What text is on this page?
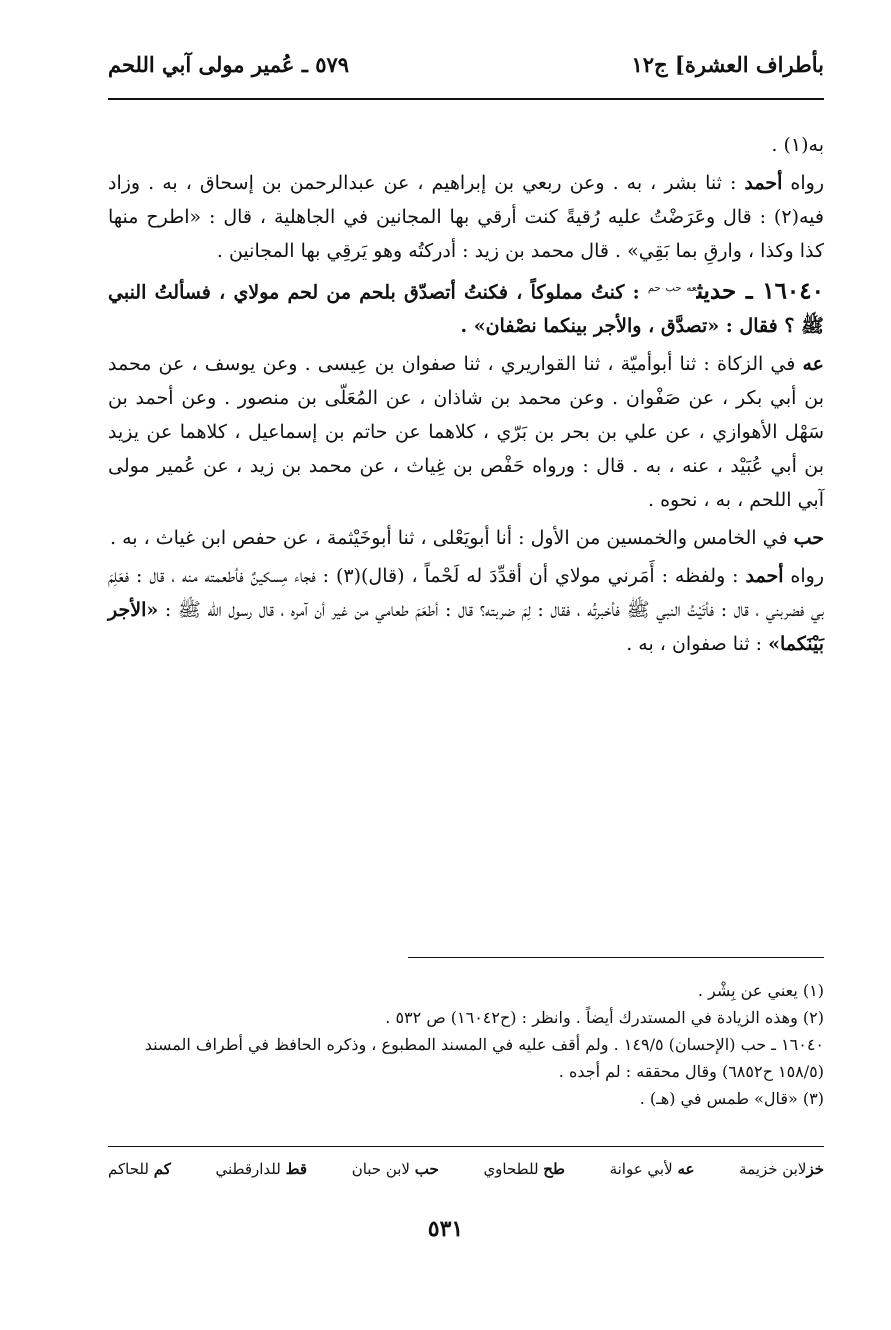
بأطراف العشرة] ج١٢
٥٧٩ ـ عُمير مولى آبي اللحم

به(١) .

رواه أحمد : ثنا بشر ، به . وعن ربعي بن إبراهيم ، عن عبدالرحمن بن إسحاق ، به . وزاد فيه(٢) : قال وعَرَضْتُ عليه رُقيةً كنت أرقي بها المجانين في الجاهلية ، قال : «اطرح منها كذا وكذا ، وارقِ بما بَقِي» . قال محمد بن زيد : أدركتُه وهو يَرقِي بها المجانين .

١٦٠٤٠ ـ حديث$^{عه حب حم}$ : كنتُ مملوكاً ، فكنتُ أتصدّق بلحم من لحم مولاي ، فسألتُ النبي ﷺ ؟ فقال : «تصدَّق ، والأجر بينكما نصْفان» .

عه في الزكاة : ثنا أبوأميّة ، ثنا القواريري ، ثنا صفوان بن عِيسى . وعن يوسف ، عن محمد بن أبي بكر ، عن صَفْوان . وعن محمد بن شاذان ، عن المُعَلّى بن منصور . وعن أحمد بن سَهْل الأهوازي ، عن علي بن بحر بن بَرّي ، كلاهما عن حاتم بن إسماعيل ، كلاهما عن يزيد بن أبي عُبَيْد ، عنه ، به . قال : ورواه حَفْص بن غِياث ، عن محمد بن زيد ، عن عُمير مولى آبي اللحم ، به ، نحوه .

حب في الخامس والخمسين من الأول : أنا أبويَعْلى ، ثنا أبوخَيْثمة ، عن حفص ابن غياث ، به .

رواه أحمد : ولفظه : أَمَرني مولاي أن أقدِّدَ له لَحْماً ، (قال)(٣) : فجاء مِسكينٌ فأطعمته منه ، قال : فعَلِمَ بي فضربني ، قال : فأتَيْتُ النبي ﷺ فأخبرتُه ، فقال : لِمَ ضربته؟ قال : أطعَمَ طعامي من غير أن آمره ، قال رسول الله ﷺ : «الأجر بَيْنَكما» : ثنا صفوان ، به .

(١) يعني عن بِشْر .
(٢) وهذه الزيادة في المستدرك أيضاً . وانظر : (ح١٦٠٤٢) ص ٥٣٢ .
١٦٠٤٠ ـ حب (الإحسان) ١٤٩/٥ . ولم أقف عليه في المسند المطبوع ، وذكره الحافظ في أطراف المسند (١٥٨/٥ ح٦٨٥٢) وقال محققه : لم أجده .
(٣) «قال» طمس في (هـ) .
خزلابن خزيمة
عه لأبي عوانة
طح للطحاوي
حب لابن حبان
قط للدارقطني
كم للحاكم
٥٣١
